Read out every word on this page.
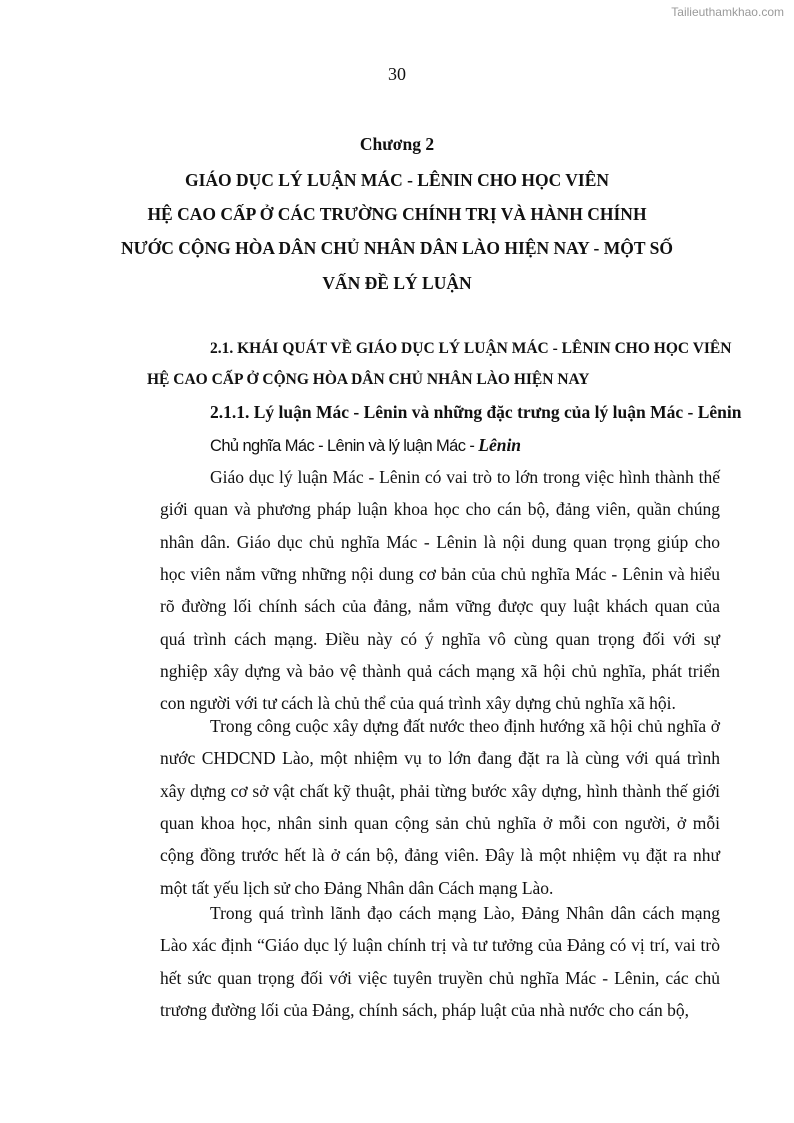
Tailieuthamkhao.com
30
Chương 2
GIÁO DỤC LÝ LUẬN MÁC - LÊNIN CHO HỌC VIÊN
HỆ CAO CẤP Ở CÁC TRƯỜNG CHÍNH TRỊ VÀ HÀNH CHÍNH
NƯỚC CỘNG HÒA DÂN CHỦ NHÂN DÂN LÀO HIỆN NAY - MỘT SỐ
VẤN ĐỀ LÝ LUẬN
2.1. KHÁI QUÁT VỀ GIÁO DỤC LÝ LUẬN MÁC - LÊNIN CHO HỌC VIÊN
HỆ CAO CẤP Ở CỘNG HÒA DÂN CHỦ NHÂN LÀO HIỆN NAY
2.1.1. Lý luận Mác - Lênin và những đặc trưng của lý luận Mác - Lênin
Chủ nghĩa Mác - Lênin và lý luận Mác - Lênin
Giáo dục lý luận Mác - Lênin có vai trò to lớn trong việc hình thành thế
giới quan và phương pháp luận khoa học cho cán bộ, đảng viên, quần chúng
nhân dân. Giáo dục chủ nghĩa Mác - Lênin là nội dung quan trọng giúp cho
học viên nắm vững những nội dung cơ bản của chủ nghĩa Mác - Lênin và hiểu
rõ đường lối chính sách của đảng, nắm vững được quy luật khách quan của
quá trình cách mạng. Điều này có ý nghĩa vô cùng quan trọng đối với sự
nghiệp xây dựng và bảo vệ thành quả cách mạng xã hội chủ nghĩa, phát triển
con người với tư cách là chủ thể của quá trình xây dựng chủ nghĩa xã hội.
Trong công cuộc xây dựng đất nước theo định hướng xã hội chủ nghĩa ở
nước CHDCND Lào, một nhiệm vụ to lớn đang đặt ra là cùng với quá trình
xây dựng cơ sở vật chất kỹ thuật, phải từng bước xây dựng, hình thành thế giới
quan khoa học, nhân sinh quan cộng sản chủ nghĩa ở mỗi con người, ở mỗi
cộng đồng trước hết là ở cán bộ, đảng viên. Đây là một nhiệm vụ đặt ra như
một tất yếu lịch sử cho Đảng Nhân dân Cách mạng Lào.
Trong quá trình lãnh đạo cách mạng Lào, Đảng Nhân dân cách mạng
Lào xác định “Giáo dục lý luận chính trị và tư tưởng của Đảng có vị trí, vai trò
hết sức quan trọng đối với việc tuyên truyền chủ nghĩa Mác - Lênin, các chủ
trương đường lối của Đảng, chính sách, pháp luật của nhà nước cho cán bộ,
